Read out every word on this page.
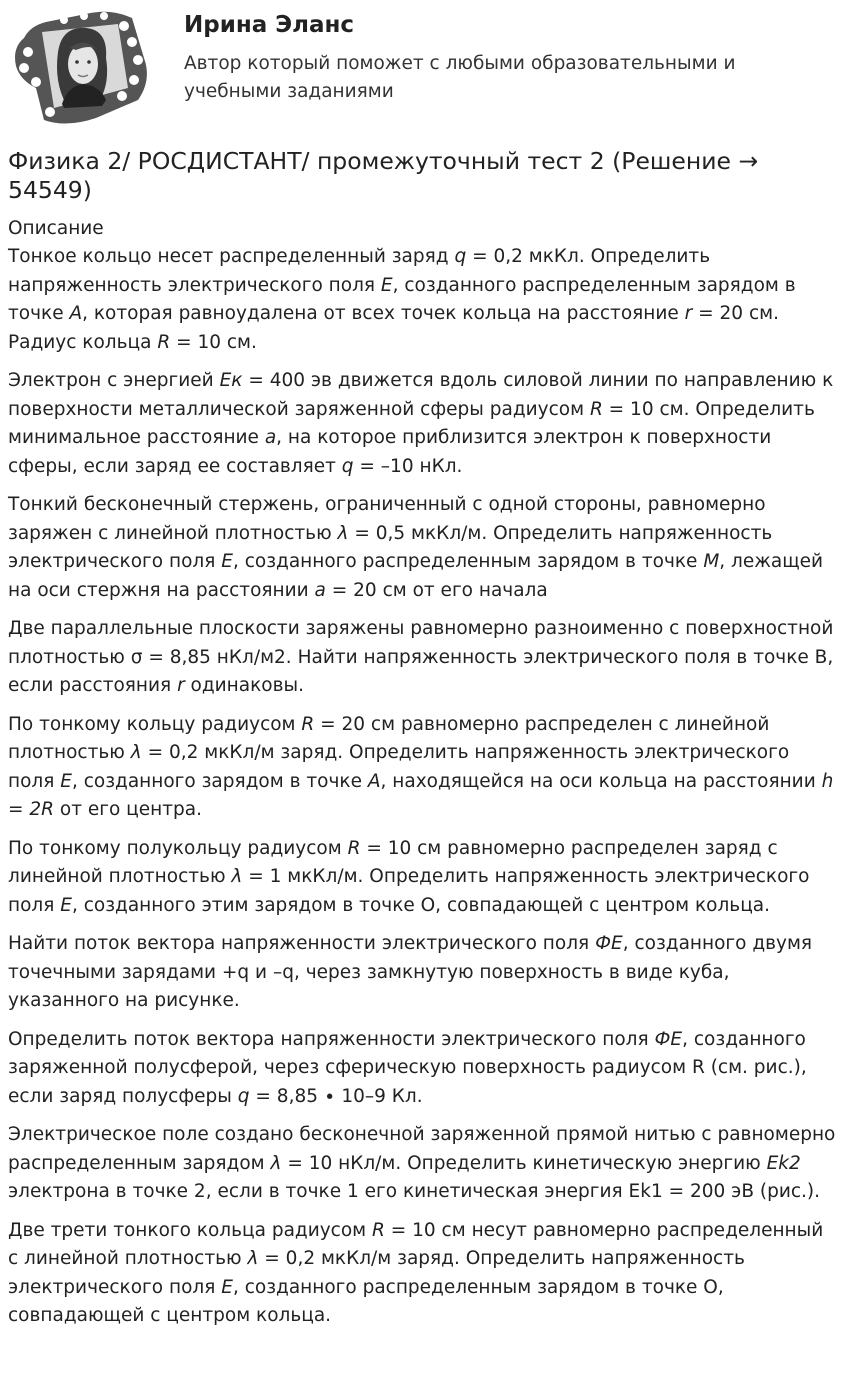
Ирина Эланс
Автор который поможет с любыми образовательными и учебными заданиями
Физика 2/ РОСДИСТАНТ/ промежуточный тест 2 (Решение → 54549)
Описание

Тонкое кольцо несет распределенный заряд q = 0,2 мкКл. Определить напряженность электрического поля E, созданного распределенным зарядом в точке A, которая равноудалена от всех точек кольца на расстояние r = 20 см. Радиус кольца R = 10 см.

Электрон с энергией Eк = 400 эв движется вдоль силовой линии по направлению к поверхности металлической заряженной сферы радиусом R = 10 см. Определить минимальное расстояние a, на которое приблизится электрон к поверхности сферы, если заряд ее составляет q = –10 нКл.

Тонкий бесконечный стержень, ограниченный с одной стороны, равномерно заряжен с линейной плотностью λ = 0,5 мкКл/м. Определить напряженность электрического поля E, созданного распределенным зарядом в точке M, лежащей на оси стержня на расстоянии a = 20 см от его начала

Две параллельные плоскости заряжены равномерно разноименно с поверхностной плотностью σ = 8,85 нКл/м2. Найти напряженность электрического поля в точке В, если расстояния r одинаковы.

По тонкому кольцу радиусом R = 20 см равномерно распределен с линейной плотностью λ = 0,2 мкКл/м заряд. Определить напряженность электрического поля E, созданного зарядом в точке A, находящейся на оси кольца на расстоянии h = 2R от его центра.

По тонкому полукольцу радиусом R = 10 см равномерно распределен заряд с линейной плотностью λ = 1 мкКл/м. Определить напряженность электрического поля E, созданного этим зарядом в точке O, совпадающей с центром кольца.

Найти поток вектора напряженности электрического поля ФE, созданного двумя точечными зарядами +q и –q, через замкнутую поверхность в виде куба, указанного на рисунке.

Определить поток вектора напряженности электрического поля ФE, созданного заряженной полусферой, через сферическую поверхность радиусом R (см. рис.), если заряд полусферы q = 8,85 ∙ 10–9 Кл.

Электрическое поле создано бесконечной заряженной прямой нитью с равномерно распределенным зарядом λ = 10 нКл/м. Определить кинетическую энергию Ek2 электрона в точке 2, если в точке 1 его кинетическая энергия Ek1 = 200 эВ (рис.).

Две трети тонкого кольца радиусом R = 10 см несут равномерно распределенный с линейной плотностью λ = 0,2 мкКл/м заряд. Определить напряженность электрического поля E, созданного распределенным зарядом в точке O, совпадающей с центром кольца.
